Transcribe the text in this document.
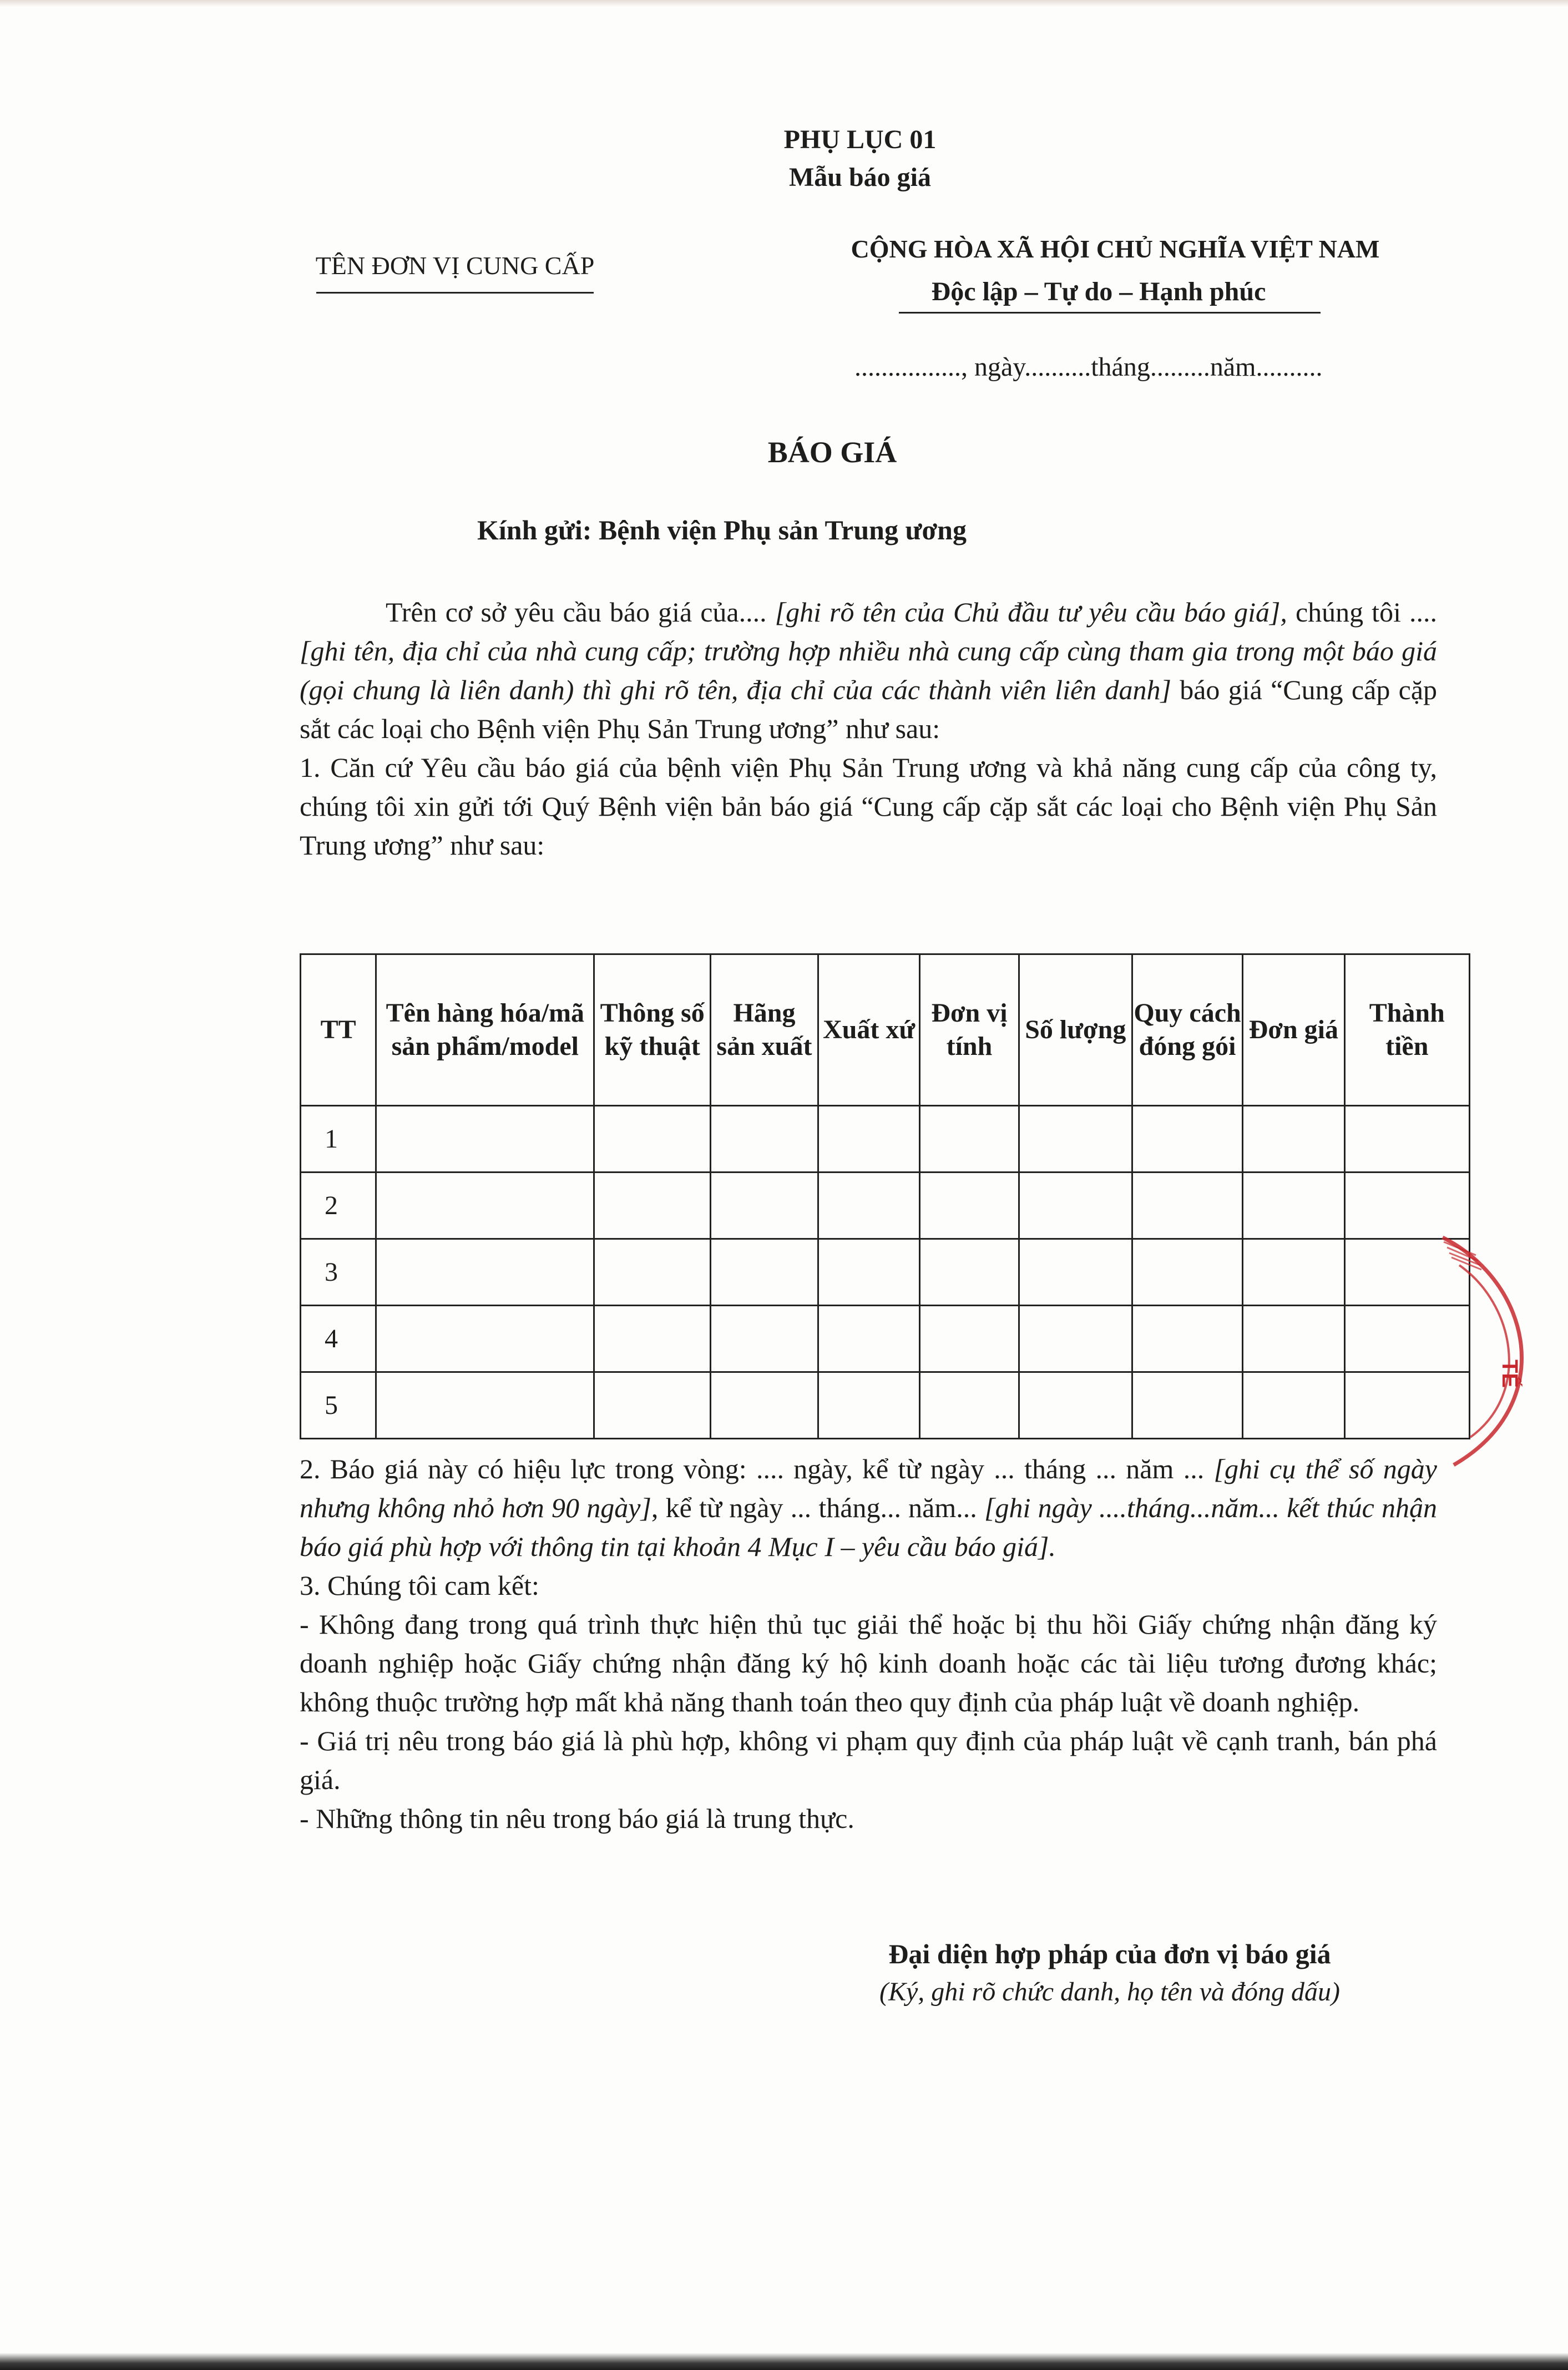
PHỤ LỤC 01
Mẫu báo giá
TÊN ĐƠN VỊ CUNG CẤP
CỘNG HÒA XÃ HỘI CHỦ NGHĨA VIỆT NAM
Độc lập – Tự do – Hạnh phúc
................, ngày..........tháng.........năm..........
BÁO GIÁ
Kính gửi: Bệnh viện Phụ sản Trung ương

Trên cơ sở yêu cầu báo giá của.... [ghi rõ tên của Chủ đầu tư yêu cầu báo giá], chúng tôi .... [ghi tên, địa chỉ của nhà cung cấp; trường hợp nhiều nhà cung cấp cùng tham gia trong một báo giá (gọi chung là liên danh) thì ghi rõ tên, địa chỉ của các thành viên liên danh] báo giá “Cung cấp cặp sắt các loại cho Bệnh viện Phụ Sản Trung ương” như sau:

1. Căn cứ Yêu cầu báo giá của bệnh viện Phụ Sản Trung ương và khả năng cung cấp của công ty, chúng tôi xin gửi tới Quý Bệnh viện bản báo giá “Cung cấp cặp sắt các loại cho Bệnh viện Phụ Sản Trung ương” như sau:

TT	Tên hàng hóa/mã sản phẩm/model	Thông số kỹ thuật	Hãng sản xuất	Xuất xứ	Đơn vị tính	Số lượng	Quy cách đóng gói	Đơn giá	Thành tiền
1									
2									
3									
4									
5									

2. Báo giá này có hiệu lực trong vòng: .... ngày, kể từ ngày ... tháng ... năm ... [ghi cụ thể số ngày nhưng không nhỏ hơn 90 ngày], kể từ ngày ... tháng... năm... [ghi ngày ....tháng...năm... kết thúc nhận báo giá phù hợp với thông tin tại khoản 4 Mục I – yêu cầu báo giá].

3. Chúng tôi cam kết:

- Không đang trong quá trình thực hiện thủ tục giải thể hoặc bị thu hồi Giấy chứng nhận đăng ký doanh nghiệp hoặc Giấy chứng nhận đăng ký hộ kinh doanh hoặc các tài liệu tương đương khác; không thuộc trường hợp mất khả năng thanh toán theo quy định của pháp luật về doanh nghiệp.

- Giá trị nêu trong báo giá là phù hợp, không vi phạm quy định của pháp luật về cạnh tranh, bán phá giá.

- Những thông tin nêu trong báo giá là trung thực.

Đại diện hợp pháp của đơn vị báo giá
(Ký, ghi rõ chức danh, họ tên và đóng dấu)
TẾ
